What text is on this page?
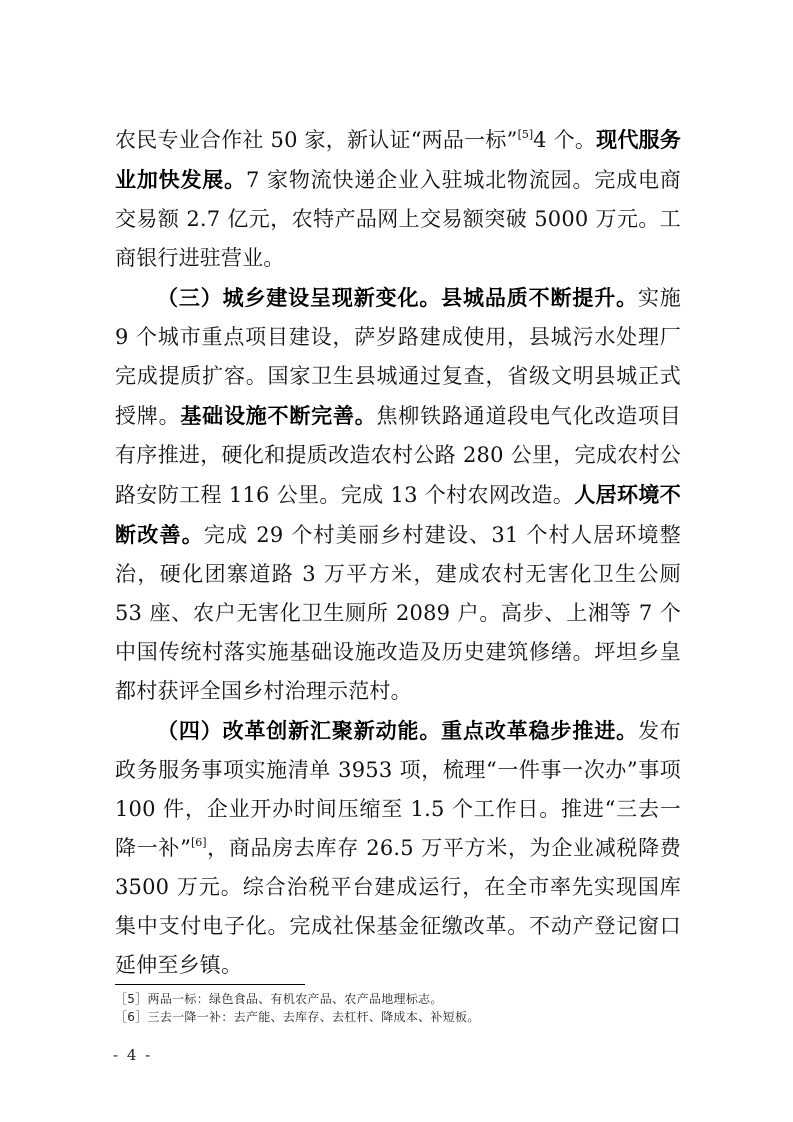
农民专业合作社 50 家，新认证“两品一标”[5]4 个。现代服务业加快发展。7 家物流快递企业入驻城北物流园。完成电商交易额 2.7 亿元，农特产品网上交易额突破 5000 万元。工商银行进驻营业。

（三）城乡建设呈现新变化。县城品质不断提升。实施 9 个城市重点项目建设，萨岁路建成使用，县城污水处理厂完成提质扩容。国家卫生县城通过复查，省级文明县城正式授牌。基础设施不断完善。焦柳铁路通道段电气化改造项目有序推进，硬化和提质改造农村公路 280 公里，完成农村公路安防工程 116 公里。完成 13 个村农网改造。人居环境不断改善。完成 29 个村美丽乡村建设、31 个村人居环境整治，硬化团寨道路 3 万平方米，建成农村无害化卫生公厕 53 座、农户无害化卫生厕所 2089 户。高步、上湘等 7 个中国传统村落实施基础设施改造及历史建筑修缮。坪坦乡皇都村获评全国乡村治理示范村。

（四）改革创新汇聚新动能。重点改革稳步推进。发布政务服务事项实施清单 3953 项，梳理“一件事一次办”事项 100 件，企业开办时间压缩至 1.5 个工作日。推进“三去一降一补”[6]，商品房去库存 26.5 万平方米，为企业减税降费 3500 万元。综合治税平台建成运行，在全市率先实现国库集中支付电子化。完成社保基金征缴改革。不动产登记窗口延伸至乡镇。

［5］两品一标：绿色食品、有机农产品、农产品地理标志。
［6］三去一降一补：去产能、去库存、去杠杆、降成本、补短板。
- 4 -
